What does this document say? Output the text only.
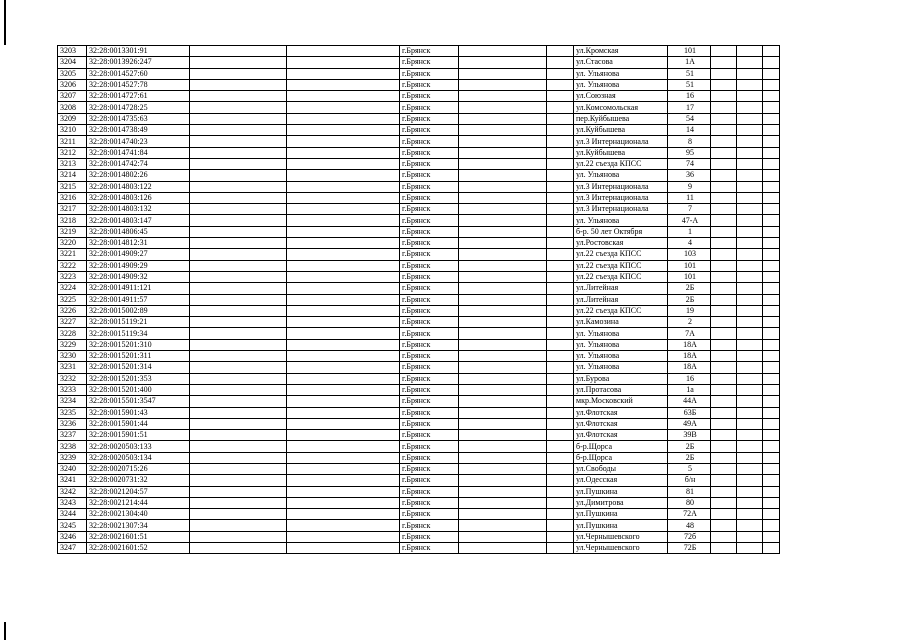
3203	32:28:0013301:91			г.Брянск			ул.Кромская	101			
3204	32:28:0013926:247			г.Брянск			ул.Стасова	1А			
3205	32:28:0014527:60			г.Брянск			ул. Ульянова	51			
3206	32:28:0014527:78			г.Брянск			ул. Ульянова	51			
3207	32:28:0014727:61			г.Брянск			ул.Союзная	16			
3208	32:28:0014728:25			г.Брянск			ул.Комсомольская	17			
3209	32:28:0014735:63			г.Брянск			пер.Куйбышева	54			
3210	32:28:0014738:49			г.Брянск			ул.Куйбышева	14			
3211	32:28:0014740:23			г.Брянск			ул.3 Интернационала	8			
3212	32:28:0014741:84			г.Брянск			ул.Куйбышева	95			
3213	32:28:0014742:74			г.Брянск			ул.22 съезда КПСС	74			
3214	32:28:0014802:26			г.Брянск			ул. Ульянова	36			
3215	32:28:0014803:122			г.Брянск			ул.3 Интернационала	9			
3216	32:28:0014803:126			г.Брянск			ул.3 Интернационала	11			
3217	32:28:0014803:132			г.Брянск			ул.3 Интернационала	7			
3218	32:28:0014803:147			г.Брянск			ул. Ульянова	47-А			
3219	32:28:0014806:45			г.Брянск			б-р. 50 лет Октября	1			
3220	32:28:0014812:31			г.Брянск			ул.Ростовская	4			
3221	32:28:0014909:27			г.Брянск			ул.22 съезда КПСС	103			
3222	32:28:0014909:29			г.Брянск			ул.22 съезда КПСС	101			
3223	32:28:0014909:32			г.Брянск			ул.22 съезда КПСС	101			
3224	32:28:0014911:121			г.Брянск			ул.Литейная	2Б			
3225	32:28:0014911:57			г.Брянск			ул.Литейная	2Б			
3226	32:28:0015002:89			г.Брянск			ул.22 съезда КПСС	19			
3227	32:28:0015119:21			г.Брянск			ул.Камозина	2			
3228	32:28:0015119:34			г.Брянск			ул. Ульянова	7А			
3229	32:28:0015201:310			г.Брянск			ул. Ульянова	18А			
3230	32:28:0015201:311			г.Брянск			ул. Ульянова	18А			
3231	32:28:0015201:314			г.Брянск			ул. Ульянова	18А			
3232	32:28:0015201:353			г.Брянск			ул.Бурова	16			
3233	32:28:0015201:400			г.Брянск			ул.Протасова	1а			
3234	32:28:0015501:3547			г.Брянск			мкр.Московский	44А			
3235	32:28:0015901:43			г.Брянск			ул.Флотская	63Б			
3236	32:28:0015901:44			г.Брянск			ул.Флотская	49А			
3237	32:28:0015901:51			г.Брянск			ул.Флотская	39В			
3238	32:28:0020503:133			г.Брянск			б-р.Щорса	2Б			
3239	32:28:0020503:134			г.Брянск			б-р.Щорса	2Б			
3240	32:28:0020715:26			г.Брянск			ул.Свободы	5			
3241	32:28:0020731:32			г.Брянск			ул.Одесская	б/н			
3242	32:28:0021204:57			г.Брянск			ул.Пушкина	81			
3243	32:28:0021214:44			г.Брянск			ул.Димитрова	80			
3244	32:28:0021304:40			г.Брянск			ул.Пушкина	72А			
3245	32:28:0021307:34			г.Брянск			ул.Пушкина	48			
3246	32:28:0021601:51			г.Брянск			ул.Чернышевского	72б			
3247	32:28:0021601:52			г.Брянск			ул.Чернышевского	72Б			
